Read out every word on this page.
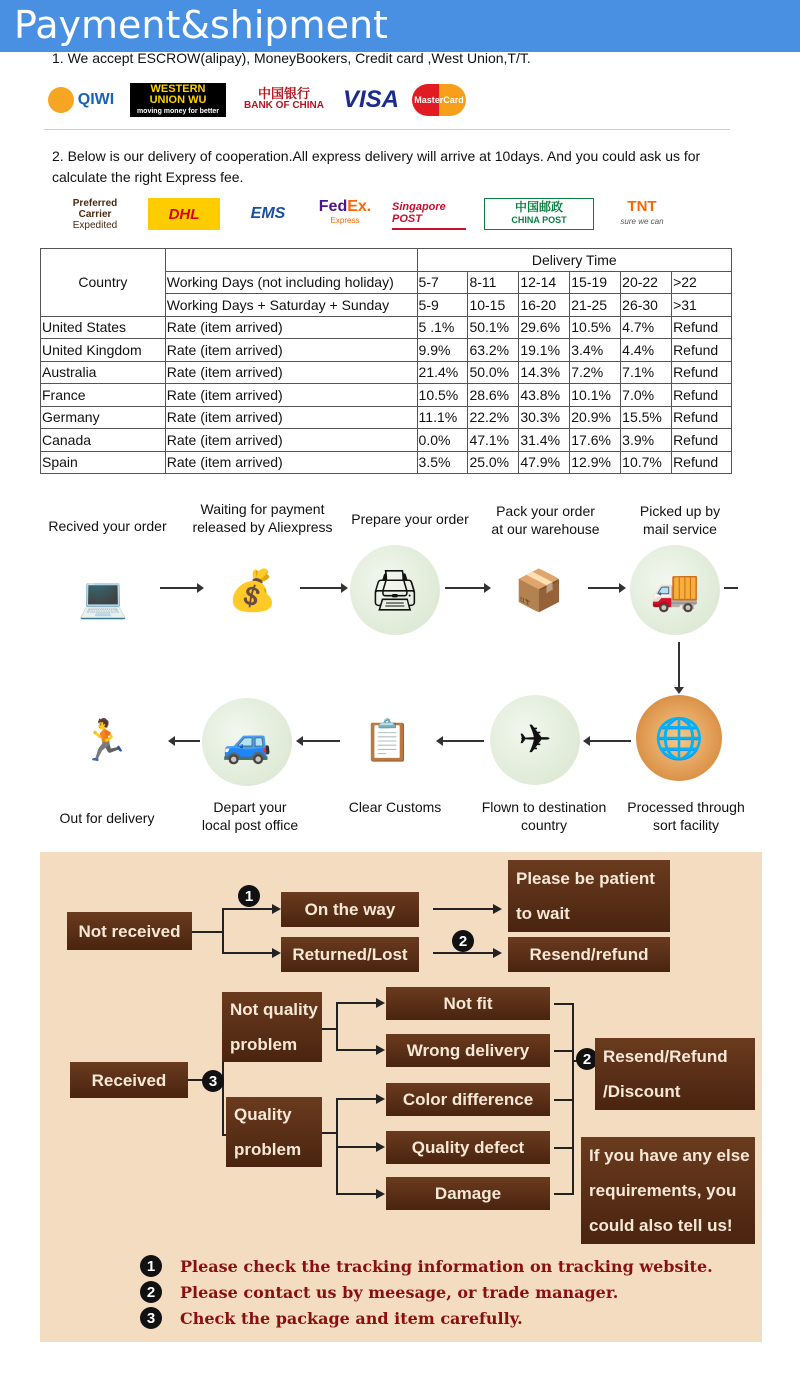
Payment&shipment
1. We accept ESCROW(alipay), MoneyBookers, Credit card ,West Union,T/T.
QIWI
WESTERN
UNION WU
moving money for better
中国银行
BANK OF CHINA VISA MasterCard
2. Below is our delivery of cooperation.All express delivery will arrive at 10days. And you could ask us for calculate the right Express fee.
Preferred
Carrier
Expedited
DHL	EMS	FedEx.
Express
Singapore POST
中国邮政
CHINA POST
TNT
sure we can
Country		Delivery Time					
	Working Days (not including holiday)	5-7	8-11	12-14	15-19	20-22	>22
	Working Days + Saturday + Sunday	5-9	10-15	16-20	21-25	26-30	>31
United States	Rate (item arrived)	5 .1%	50.1%	29.6%	10.5%	4.7%	Refund
United Kingdom	Rate (item arrived)	9.9%	63.2%	19.1%	3.4%	4.4%	Refund
Australia	Rate (item arrived)	21.4%	50.0%	14.3%	7.2%	7.1%	Refund
France	Rate (item arrived)	10.5%	28.6%	43.8%	10.1%	7.0%	Refund
Germany	Rate (item arrived)	11.1%	22.2%	30.3%	20.9%	15.5%	Refund
Canada	Rate (item arrived)	0.0%	47.1%	31.4%	17.6%	3.9%	Refund
Spain	Rate (item arrived)	3.5%	25.0%	47.9%	12.9%	10.7%	Refund
Recived your order
Waiting for payment
released by Aliexpress	Prepare your order	Pack your order
at our warehouse
Picked up by
mail service
💻	💰	🖨	📦	🚚
🌐
✈
📋
🚙
🏃
Processed through
sort facility
Flown to destination
country
Clear Customs
Depart your
local post office
Out for delivery
Not received
1
On the way
Returned/Lost
2
Please be patient
to wait
Resend/refund
Received	3
Not quality
problem
Quality
problem
Not fit
Wrong delivery
Color difference
Quality defect
Damage
2 Resend/Refund
/Discount
If you have any else
requirements, you
could also tell us!
1	Please check the tracking information on tracking website.
2	Please contact us by meesage, or trade manager.
3	Check the package and item carefully.
